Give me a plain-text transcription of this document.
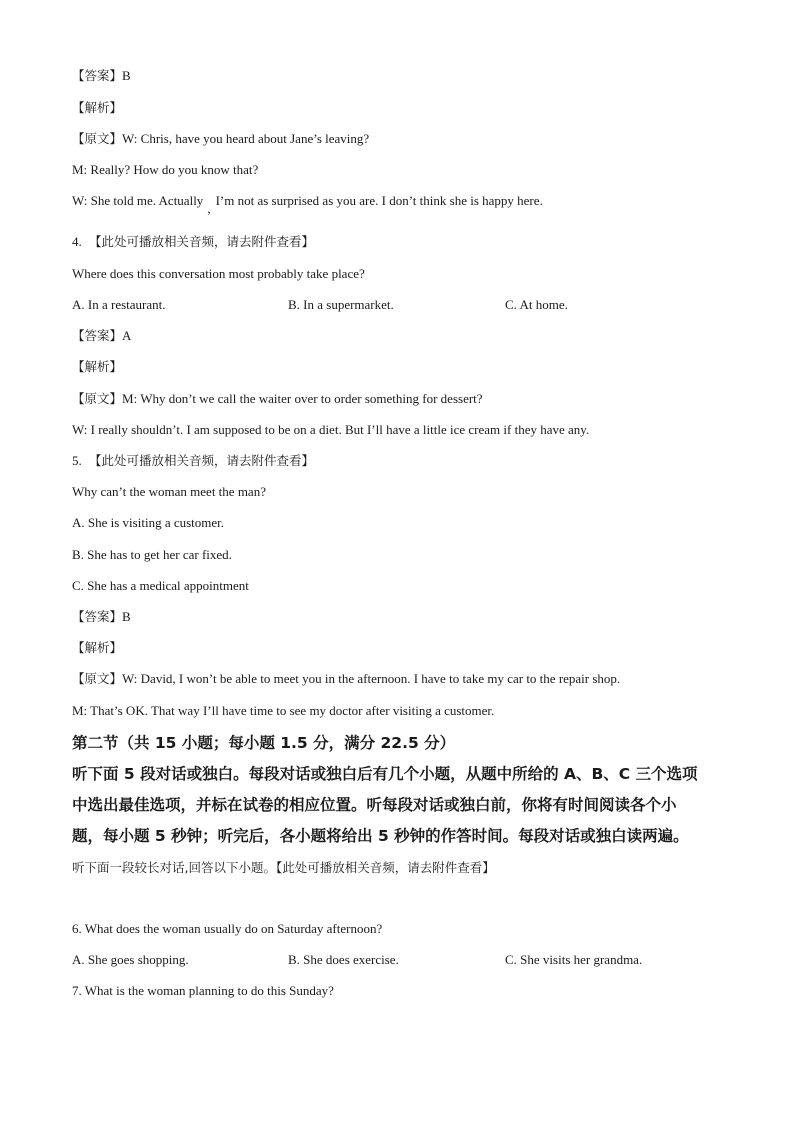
【答案】B
【解析】
【原文】W: Chris, have you heard about Jane’s leaving?
M: Really? How do you know that?
W: She told me. Actually,I’m not as surprised as you are. I don’t think she is happy here.
4. 【此处可播放相关音频，请去附件查看】
Where does this conversation most probably take place?
A. In a restaurant.	B. In a supermarket.	C. At home.
【答案】A
【解析】
【原文】M: Why don’t we call the waiter over to order something for dessert?
W: I really shouldn’t. I am supposed to be on a diet. But I’ll have a little ice cream if they have any.
5. 【此处可播放相关音频，请去附件查看】
Why can’t the woman meet the man?
A. She is visiting a customer.
B. She has to get her car fixed.
C. She has a medical appointment
【答案】B
【解析】
【原文】W: David, I won’t be able to meet you in the afternoon. I have to take my car to the repair shop.
M: That’s OK. That way I’ll have time to see my doctor after visiting a customer.
第二节（共 15 小题；每小题 1.5 分，满分 22.5 分）
听下面 5 段对话或独白。每段对话或独白后有几个小题，从题中所给的 A、B、C 三个选项
中选出最佳选项，并标在试卷的相应位置。听每段对话或独白前，你将有时间阅读各个小
题，每小题 5 秒钟；听完后，各小题将给出 5 秒钟的作答时间。每段对话或独白读两遍。
听下面一段较长对话,回答以下小题。【此处可播放相关音频，请去附件查看】
6. What does the woman usually do on Saturday afternoon?
A. She goes shopping.	B. She does exercise.	C. She visits her grandma.
7. What is the woman planning to do this Sunday?
